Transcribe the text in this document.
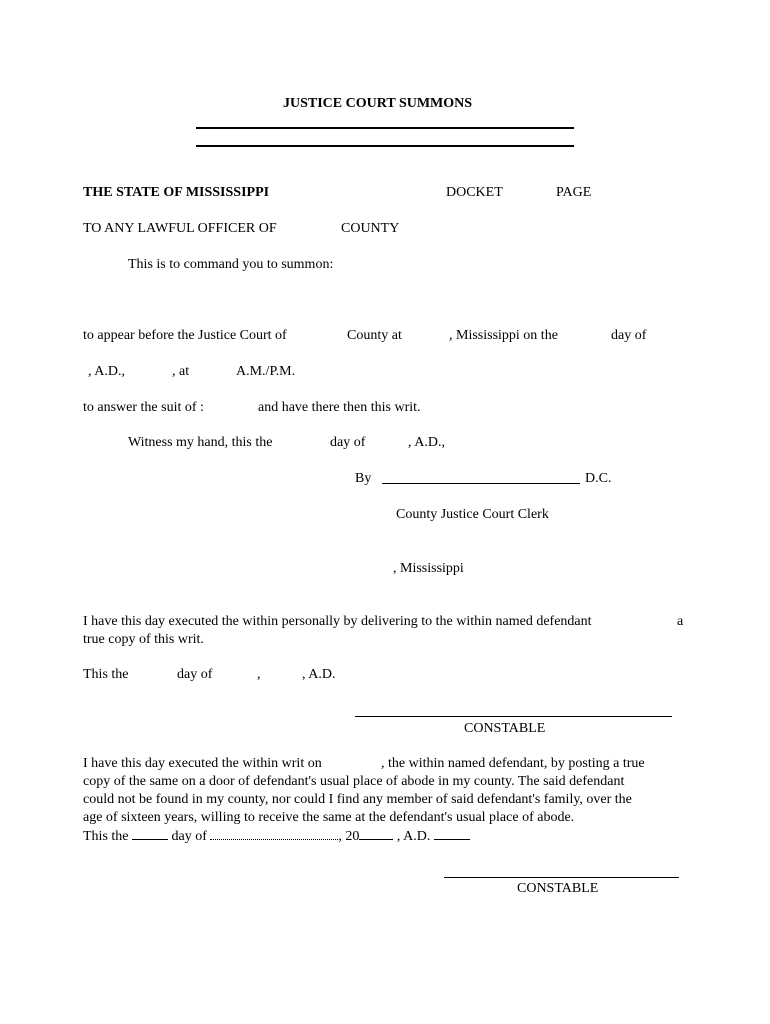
JUSTICE COURT SUMMONS
THE STATE OF MISSISSIPPI	DOCKET	PAGE
TO ANY LAWFUL OFFICER OF	COUNTY
This is to command you to summon:
to appear before the Justice Court of	County at	, Mississippi on the	day of
, A.D.,	, at	A.M./P.M.
to answer the suit of :	and have there then this writ.
Witness my hand, this the	day of	, A.D.,
By	D.C.
County Justice Court Clerk
, Mississippi
I have this day executed the within personally by delivering to the within named defendant	a
true copy of this writ.
This the	day of	,	, A.D.
CONSTABLE
I have this day executed the within writ on	, the within named defendant, by posting a true
copy of the same on a door of defendant's usual place of abode in my county. The said defendant
could not be found in my county, nor could I find any member of said defendant's family, over the
age of sixteen years, willing to receive the same at the defendant's usual place of abode.
This the	day of	, 20	, A.D.
CONSTABLE
